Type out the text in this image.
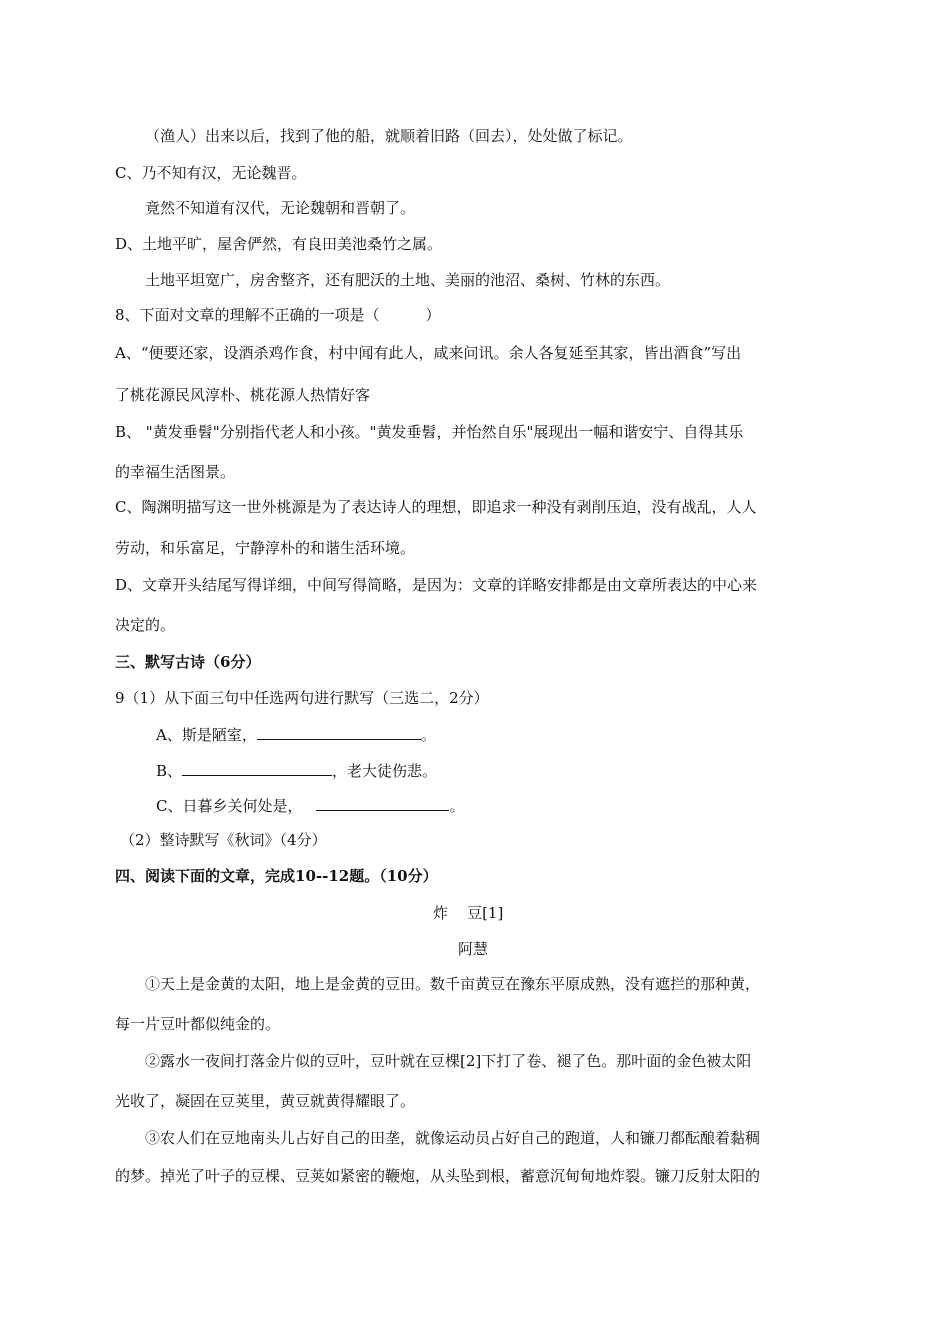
（渔人）出来以后，找到了他的船，就顺着旧路（回去），处处做了标记。
C、乃不知有汉，无论魏晋。
竟然不知道有汉代，无论魏朝和晋朝了。
D、土地平旷，屋舍俨然，有良田美池桑竹之属。
土地平坦宽广，房舍整齐，还有肥沃的土地、美丽的池沼、桑树、竹林的东西。
8、下面对文章的理解不正确的一项是（	）
A、“便要还家，设酒杀鸡作食，村中闻有此人，咸来问讯。余人各复延至其家，皆出酒食”写出
了桃花源民风淳朴、桃花源人热情好客
B、 "黄发垂髫"分别指代老人和小孩。"黄发垂髫，并怡然自乐"展现出一幅和谐安宁、自得其乐
的幸福生活图景。
C、陶渊明描写这一世外桃源是为了表达诗人的理想，即追求一种没有剥削压迫，没有战乱，人人
劳动，和乐富足，宁静淳朴的和谐生活环境。
D、文章开头结尾写得详细，中间写得简略，是因为：文章的详略安排都是由文章所表达的中心来
决定的。
三、默写古诗（6分）
9（1）从下面三句中任选两句进行默写（三选二，2分）
A、斯是陋室，	。
B、	，老大徒伤悲。
C、日暮乡关何处是，	。
（2）整诗默写《秋词》（4分）
四、阅读下面的文章，完成10--12题。（10分）
炸    豆[1]
阿慧
①天上是金黄的太阳，地上是金黄的豆田。数千亩黄豆在豫东平原成熟，没有遮拦的那种黄，
每一片豆叶都似纯金的。
②露水一夜间打落金片似的豆叶，豆叶就在豆棵[2]下打了卷、褪了色。那叶面的金色被太阳
光收了，凝固在豆荚里，黄豆就黄得耀眼了。
③农人们在豆地南头儿占好自己的田垄，就像运动员占好自己的跑道，人和镰刀都酝酿着黏稠
的梦。掉光了叶子的豆棵、豆荚如紧密的鞭炮，从头坠到根，蓄意沉甸甸地炸裂。镰刀反射太阳的
